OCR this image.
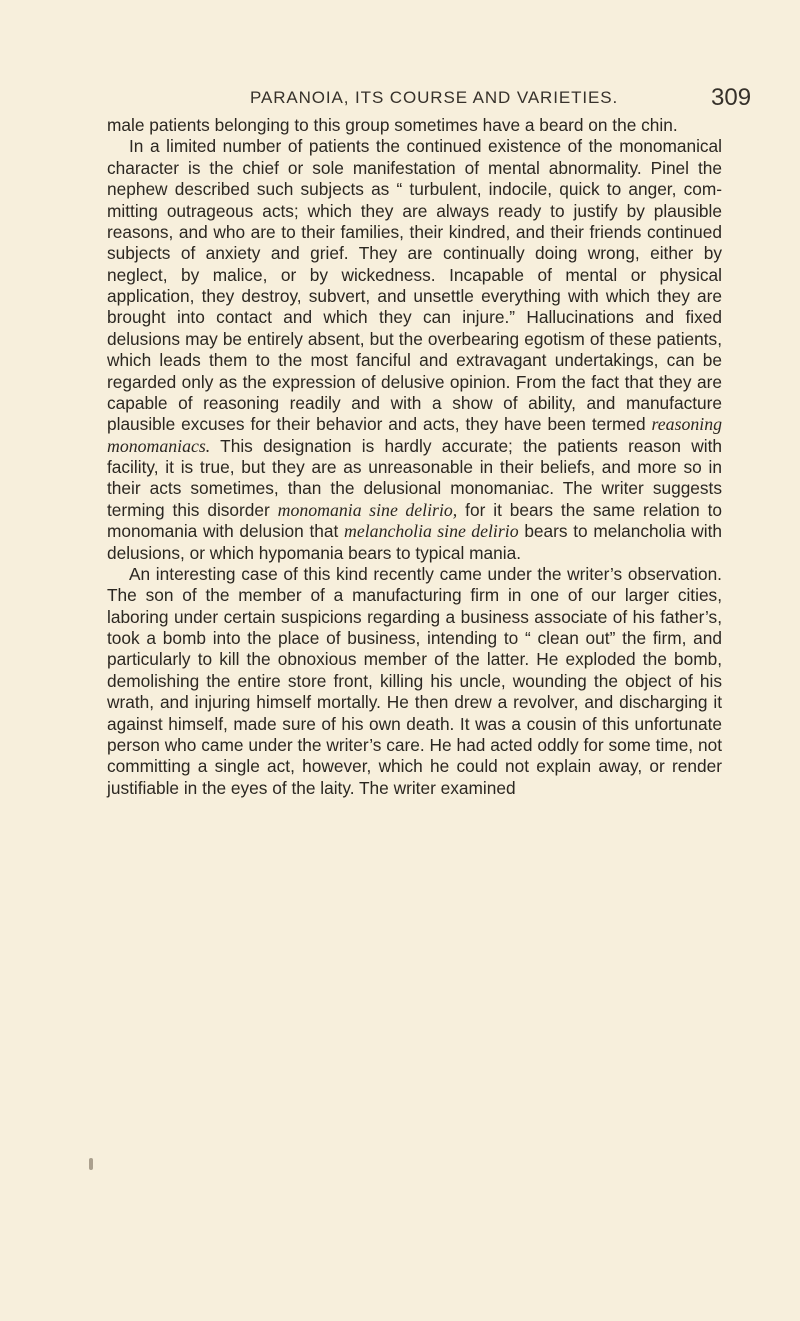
PARANOIA, ITS COURSE AND VARIETIES.	309

male patients belonging to this group sometimes have a beard on the chin.

In a limited number of patients the continued existence of the monomanical character is the chief or sole manifestation of mental abnormality. Pinel the nephew described such subjects as “ turbulent, indocile, quick to anger, committing outrageous acts; which they are always ready to justify by plausible reasons, and who are to their families, their kindred, and their friends continued subjects of anxiety and grief. They are continually doing wrong, either by neglect, by malice, or by wickedness. Incapable of mental or physical application, they destroy, subvert, and unsettle everything with which they are brought into contact and which they can injure.” Hallucinations and fixed delusions may be entirely absent, but the overbearing egotism of these patients, which leads them to the most fanciful and extravagant undertakings, can be regarded only as the expression of delusive opinion. From the fact that they are capable of reasoning readily and with a show of ability, and manufacture plausible excuses for their behavior and acts, they have been termed reasoning monomaniacs. This designation is hardly accurate; the patients reason with facility, it is true, but they are as unreasonable in their beliefs, and more so in their acts sometimes, than the delusional monomaniac. The writer suggests terming this disorder monomania sine delirio, for it bears the same relation to monomania with delusion that melancholia sine delirio bears to melancholia with delusions, or which hypomania bears to typical mania.

An interesting case of this kind recently came under the writer’s observation. The son of the member of a manufacturing firm in one of our larger cities, laboring under certain suspicions regarding a business associate of his father’s, took a bomb into the place of business, intending to “ clean out” the firm, and particularly to kill the obnoxious member of the latter. He exploded the bomb, demolishing the entire store front, killing his uncle, wounding the object of his wrath, and injuring himself mortally. He then drew a revolver, and discharging it against himself, made sure of his own death. It was a cousin of this unfortunate person who came under the writer’s care. He had acted oddly for some time, not committing a single act, however, which he could not explain away, or render justifiable in the eyes of the laity. The writer examined
